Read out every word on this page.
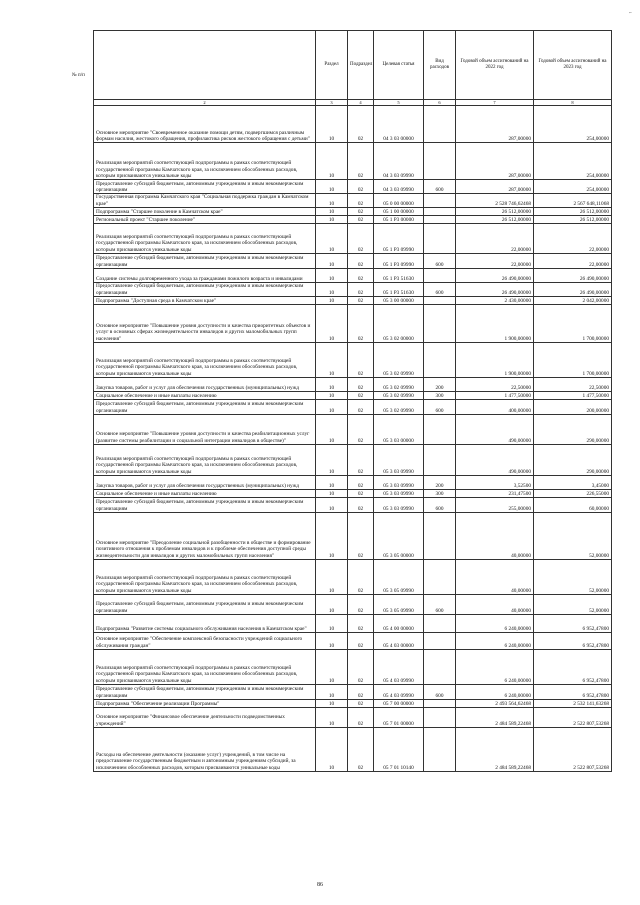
ı
	Раздел	Подраздел	Целевая статья	Вид расходов	Годовой объем ассигнований на 2022 год	Годовой объем ассигнований на 2023 год
2	3	4	5	6	7	8
Основное мероприятие "Своевременное оказание помощи детям, подвергшимся различным формам насилия, жестокого обращения, профилактика рисков жестокого обращения с детьми"	10	02	04 3 03 00000		287,00000	254,00000
Реализация мероприятий соответствующей подпрограммы в рамках соответствующей государственной программы Камчатского края, за исключением обособленных расходов, которым присваиваются уникальные коды	10	02	04 3 03 09990		287,00000	254,00000
Предоставление субсидий бюджетным, автономным учреждениям и иным некоммерческим организациям	10	02	04 3 03 09990	600	287,00000	254,00000
Государственная программа Камчатского края "Социальная поддержка граждан в Камчатском крае"	10	02	05 0 00 00000		2 528 746,62468	2 567 648,11068
Подпрограмма "Старшее поколение в Камчатском крае"	10	02	05 1 00 00000		26 512,00000	26 512,00000
Региональный проект "Старшее поколение"	10	02	05 1 P3 00000		26 512,00000	26 512,00000
Реализация мероприятий соответствующей подпрограммы в рамках соответствующей государственной программы Камчатского края, за исключением обособленных расходов, которым присваиваются уникальные коды	10	02	05 1 P3 09990		22,00000	22,00000
Предоставление субсидий бюджетным, автономным учреждениям и иным некоммерческим организациям	10	02	05 1 P3 09990	600	22,00000	22,00000
Создание системы долговременного ухода за гражданами пожилого возраста и инвалидами	10	02	05 1 P3 51630		26 490,00000	26 490,00000
Предоставление субсидий бюджетным, автономным учреждениям и иным некоммерческим организациям	10	02	05 1 P3 51630	600	26 490,00000	26 490,00000
Подпрограмма "Доступная среда в Камчатском крае"	10	02	05 3 00 00000		2 430,00000	2 042,00000
Основное мероприятие "Повышение уровня доступности и качества приоритетных объектов и услуг в основных сферах жизнедеятельности инвалидов и других маломобильных групп населения"	10	02	05 3 02 00000		1 900,00000	1 700,00000
Реализация мероприятий соответствующей подпрограммы в рамках соответствующей государственной программы Камчатского края, за исключением обособленных расходов, которым присваиваются уникальные коды	10	02	05 3 02 09990		1 900,00000	1 700,00000
Закупка товаров, работ и услуг для обеспечения государственных (муниципальных) нужд	10	02	05 3 02 09990	200	22,50000	22,50000
Социальное обеспечение и иные выплаты населению	10	02	05 3 02 09990	300	1 477,50000	1 477,50000
Предоставление субсидий бюджетным, автономным учреждениям и иным некоммерческим организациям	10	02	05 3 02 09990	600	400,00000	200,00000
Основное мероприятие "Повышение уровня доступности и качества реабилитационных услуг (развитие системы реабилитации и социальной интеграции инвалидов в обществе)"	10	02	05 3 03 00000		490,00000	290,00000
Реализация мероприятий соответствующей подпрограммы в рамках соответствующей государственной программы Камчатского края, за исключением обособленных расходов, которым присваиваются уникальные коды	10	02	05 3 03 09990		490,00000	290,00000
Закупка товаров, работ и услуг для обеспечения государственных (муниципальных) нужд	10	02	05 3 03 09990	200	3,52500	3,45000
Социальное обеспечение и иные выплаты населению	10	02	05 3 03 09990	300	231,47500	226,55000
Предоставление субсидий бюджетным, автономным учреждениям и иным некоммерческим организациям	10	02	05 3 03 09990	600	255,00000	60,00000
Основное мероприятие "Преодоление социальной разобщенности в обществе и формирование позитивного отношения к проблемам инвалидов и к проблеме обеспечения доступной среды жизнедеятельности для инвалидов и других маломобильных групп населения"	10	02	05 3 05 00000		40,00000	52,00000
Реализация мероприятий соответствующей подпрограммы в рамках соответствующей государственной программы Камчатского края, за исключением обособленных расходов, которым присваиваются уникальные коды	10	02	05 3 05 09990		40,00000	52,00000
Предоставление субсидий бюджетным, автономным учреждениям и иным некоммерческим организациям	10	02	05 3 05 09990	600	40,00000	52,00000
Подпрограмма "Развитие системы социального обслуживания населения в Камчатском крае"	10	02	05 4 00 00000		6 240,00000	6 952,47800
Основное мероприятие "Обеспечение комплексной безопасности учреждений социального обслуживания граждан"	10	02	05 4 03 00000		6 240,00000	6 952,47800
Реализация мероприятий соответствующей подпрограммы в рамках соответствующей государственной программы Камчатского края, за исключением обособленных расходов, которым присваиваются уникальные коды	10	02	05 4 03 09990		6 240,00000	6 952,47800
Предоставление субсидий бюджетным, автономным учреждениям и иным некоммерческим организациям	10	02	05 4 03 09990	600	6 240,00000	6 952,47800
Подпрограмма "Обеспечение реализации Программы"	10	02	05 7 00 00000		2 493 564,62468	2 532 141,63268
Основное мероприятие "Финансовое обеспечение деятельности подведомственных учреждений"	10	02	05 7 01 00000		2 484 589,22468	2 522 807,53268
Расходы на обеспечение деятельности (оказание услуг) учреждений, в том числе на предоставление государственным бюджетным и автономным учреждениям субсидий, за исключением обособленных расходов, которым присваиваются уникальные коды	10	02	05 7 01 10140		2 484 589,22468	2 522 807,53268
№ п/п
86
